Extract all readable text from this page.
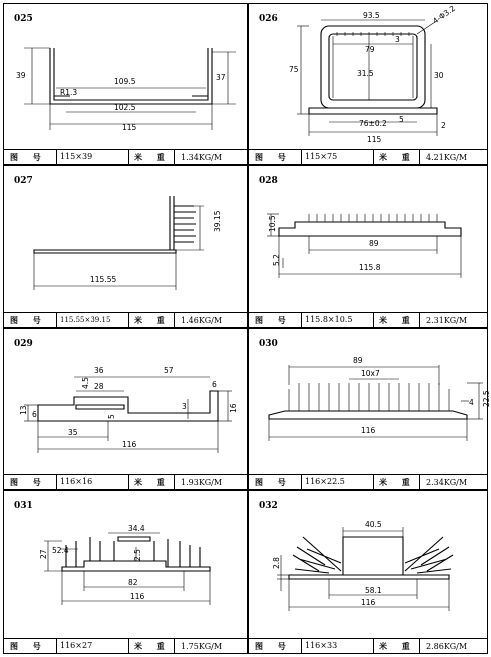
025
39	37
R1.3
109.5
102.5
115
图 号	115×39	米 重	1.34KG/M
026	93.5	4-Φ3.2
3
79
31.5
75
30
76±0.2 5
2
115
图 号	115×75	米 重	4.21KG/M
027
39.15
115.55
图 号	115.55×39.15	米 重	1.46KG/M
028
10.5
89
5.2
115.8
图 号	115.8×10.5	米 重	2.31KG/M
029
36	57
4.5 28	6
13 6	5
3	16
35
116
图 号	116×16	米 重	1.93KG/M
030
89
10x7
4 22.5
116
图 号	116×22.5	米 重	2.34KG/M
031
34.4
27 52.4	2.5
82
116
图 号	116×27	米 重	1.75KG/M
032
40.5
2.8
58.1
116
图 号	116×33	米 重	2.86KG/M
